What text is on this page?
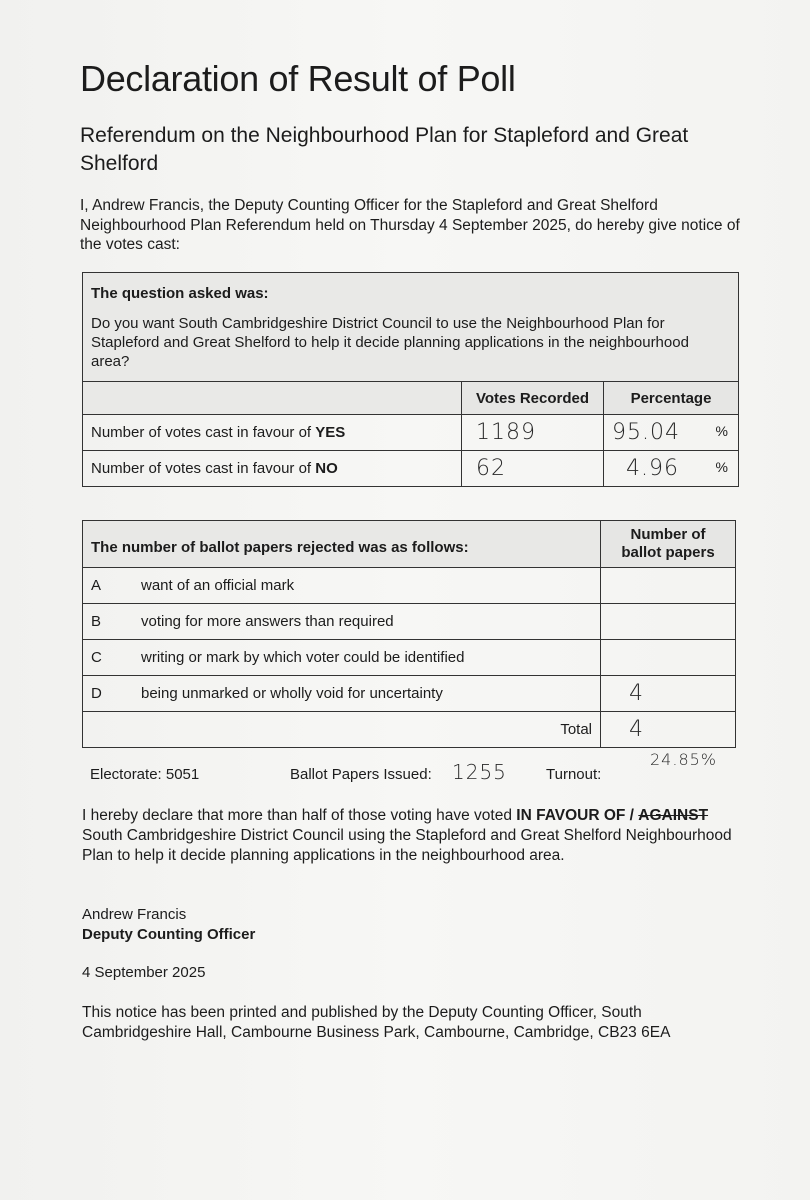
Declaration of Result of Poll
Referendum on the Neighbourhood Plan for Stapleford and Great Shelford

I, Andrew Francis, the Deputy Counting Officer for the Stapleford and Great Shelford Neighbourhood Plan Referendum held on Thursday 4 September 2025, do hereby give notice of the votes cast:

The question asked was:
Do you want South Cambridgeshire District Council to use the Neighbourhood Plan for Stapleford and Great Shelford to help it decide planning applications in the neighbourhood area?		

	Votes Recorded	Percentage
Number of votes cast in favour of YES	1189	95.04 %

Number of votes cast in favour of NO	62	4.96 %
The number of ballot papers rejected was as follows:	Number of ballot papers
A want of an official mark	
B voting for more answers than required	
C writing or mark by which voter could be identified	
D being unmarked or wholly void for uncertainty	4
Total	4
Electorate: 5051	Ballot Papers Issued: 1255	Turnout:
24.85%

I hereby declare that more than half of those voting have voted IN FAVOUR OF / AGAINST South Cambridgeshire District Council using the Stapleford and Great Shelford Neighbourhood Plan to help it decide planning applications in the neighbourhood area.

Andrew Francis
Deputy Counting Officer
4 September 2025

This notice has been printed and published by the Deputy Counting Officer, South Cambridgeshire Hall, Cambourne Business Park, Cambourne, Cambridge, CB23 6EA
